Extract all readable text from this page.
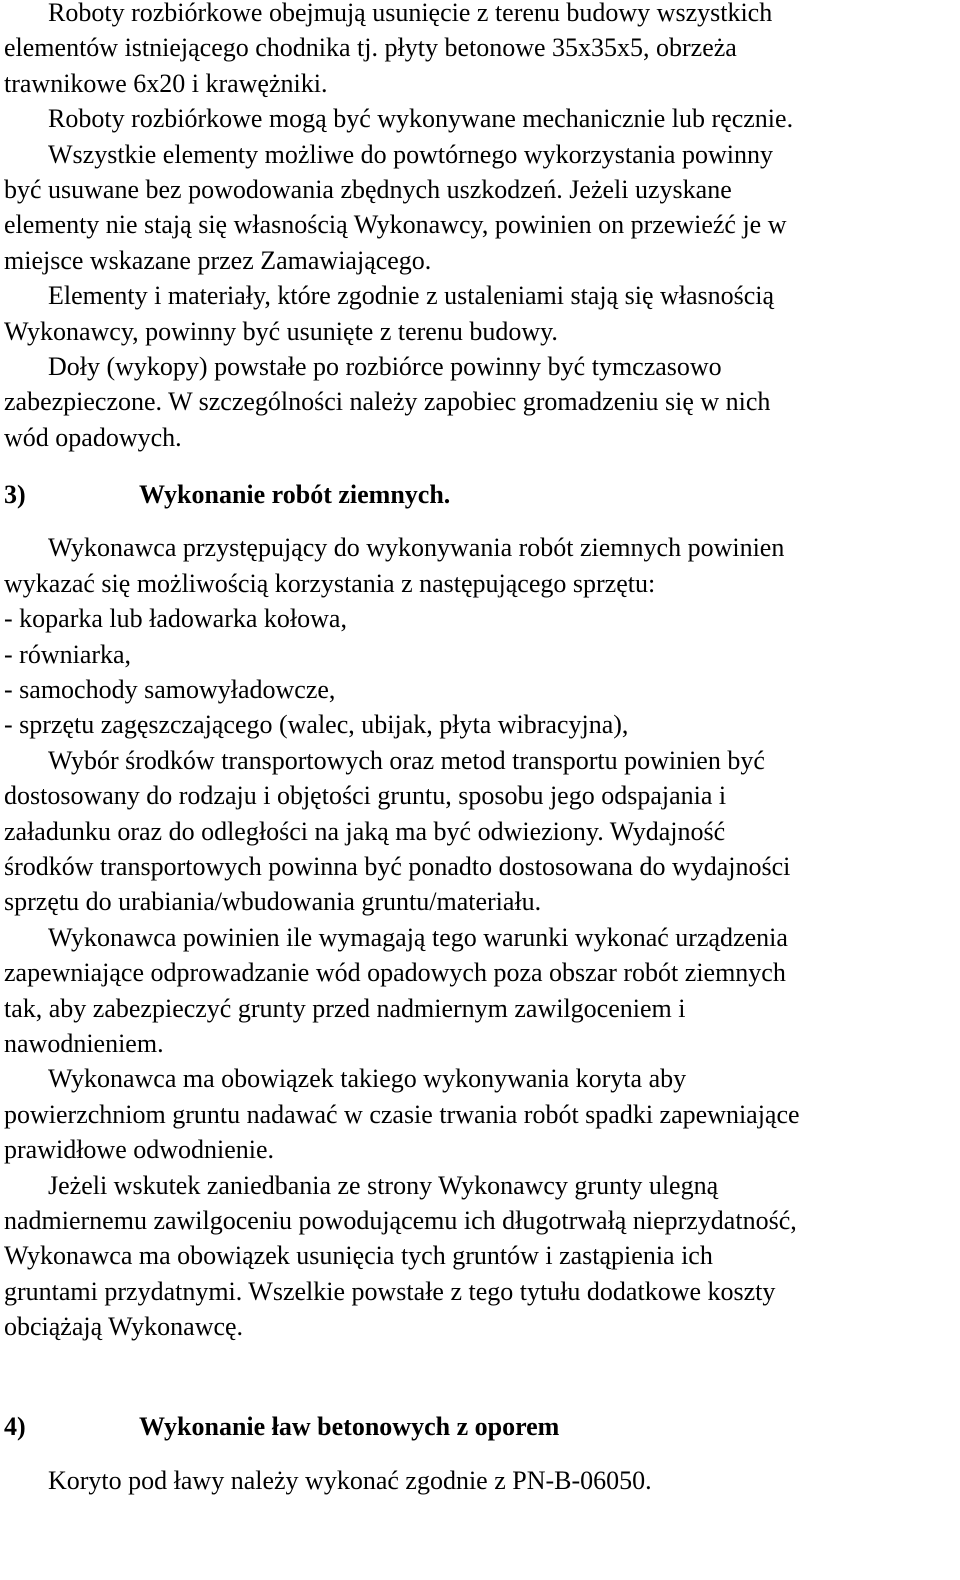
Roboty rozbiórkowe obejmują usunięcie z terenu budowy wszystkich
elementów istniejącego chodnika tj. płyty betonowe 35x35x5, obrzeża
trawnikowe 6x20 i krawężniki.
Roboty rozbiórkowe mogą być wykonywane mechanicznie lub ręcznie.
Wszystkie elementy możliwe do powtórnego wykorzystania powinny
być usuwane bez powodowania zbędnych uszkodzeń. Jeżeli uzyskane
elementy nie stają się własnością Wykonawcy, powinien on przewieźć je w
miejsce wskazane przez Zamawiającego.
Elementy i materiały, które zgodnie z ustaleniami stają się własnością
Wykonawcy, powinny być usunięte z terenu budowy.
Doły (wykopy) powstałe po rozbiórce powinny być tymczasowo
zabezpieczone. W szczególności należy zapobiec gromadzeniu się w nich
wód opadowych.
3)	Wykonanie robót ziemnych.
Wykonawca przystępujący do wykonywania robót ziemnych powinien
wykazać się możliwością korzystania z następującego sprzętu:
- koparka lub ładowarka kołowa,
- równiarka,
- samochody samowyładowcze,
- sprzętu zagęszczającego (walec, ubijak, płyta wibracyjna),
Wybór środków transportowych oraz metod transportu powinien być
dostosowany do rodzaju i objętości gruntu, sposobu jego odspajania i
załadunku oraz do odległości na jaką ma być odwieziony. Wydajność
środków transportowych powinna być ponadto dostosowana do wydajności
sprzętu do urabiania/wbudowania gruntu/materiału.
Wykonawca powinien ile wymagają tego warunki wykonać urządzenia
zapewniające odprowadzanie wód opadowych poza obszar robót ziemnych
tak, aby zabezpieczyć grunty przed nadmiernym zawilgoceniem i
nawodnieniem.
Wykonawca ma obowiązek takiego wykonywania koryta aby
powierzchniom gruntu nadawać w czasie trwania robót spadki zapewniające
prawidłowe odwodnienie.
Jeżeli wskutek zaniedbania ze strony Wykonawcy grunty ulegną
nadmiernemu zawilgoceniu powodującemu ich długotrwałą nieprzydatność,
Wykonawca ma obowiązek usunięcia tych gruntów i zastąpienia ich
gruntami przydatnymi. Wszelkie powstałe z tego tytułu dodatkowe koszty
obciążają Wykonawcę.
4)	Wykonanie ław betonowych z oporem
Koryto pod ławy należy wykonać zgodnie z PN-B-06050.
